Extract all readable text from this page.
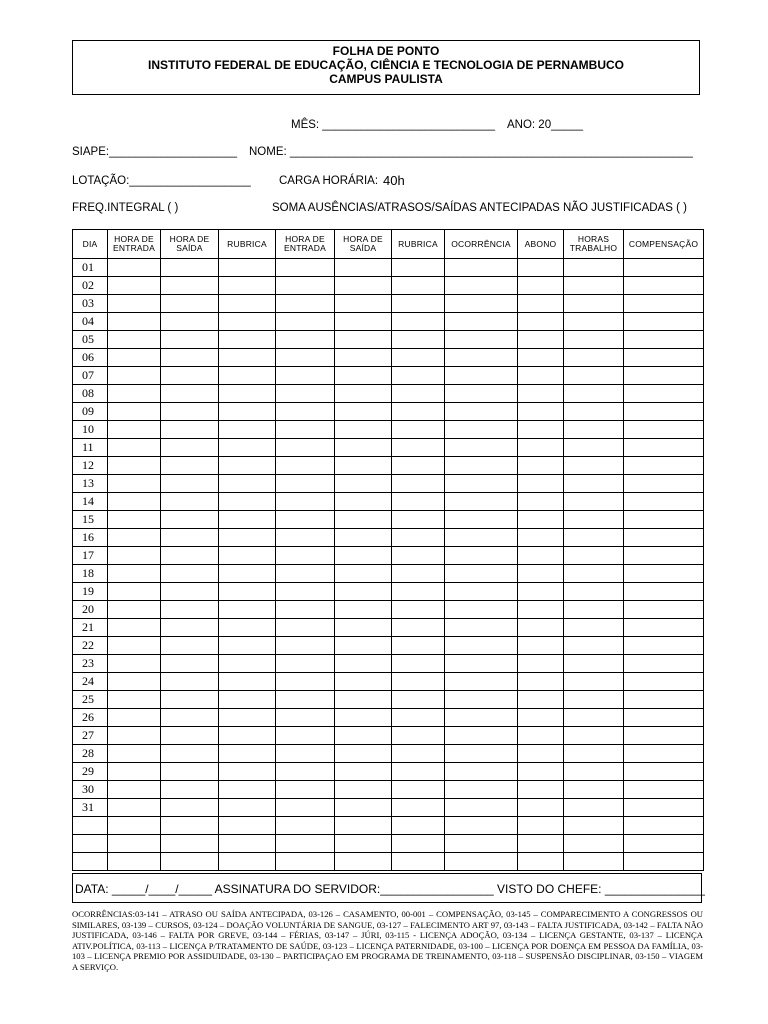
FOLHA DE PONTO
INSTITUTO FEDERAL DE EDUCAÇÃO, CIÊNCIA E TECNOLOGIA DE PERNAMBUCO
CAMPUS PAULISTA
MÊS: ___________________________ ANO: 20_____
SIAPE:____________________ NOME: _______________________________________________________________
LOTAÇÃO:___________________ CARGA HORÁRIA: 40h
FREQ.INTEGRAL ( )	SOMA AUSÊNCIAS/ATRASOS/SAÍDAS ANTECIPADAS NÃO JUSTIFICADAS ( )
DIA	HORA DE ENTRADA	HORA DE SAÍDA	RUBRICA	HORA DE ENTRADA	HORA DE SAÍDA	RUBRICA	OCORRÊNCIA	ABONO	HORAS TRABALHO	COMPENSAÇÃO
01										
02										
03										
04										
05										
06										
07										
08										
09										
10										
11										
12										
13										
14										
15										
16										
17										
18										
19										
20										
21										
22										
23										
24										
25										
26										
27										
28										
29										
30										
31										

DATA: _____/____/_____ ASSINATURA DO SERVIDOR:_________________ VISTO DO CHEFE: _______________
OCORRÊNCIAS:03-141 – ATRASO OU SAÍDA ANTECIPADA, 03-126 – CASAMENTO, 00-001 – COMPENSAÇÃO, 03-145 – COMPARECIMENTO A CONGRESSOS OU SIMILARES, 03-139 – CURSOS, 03-124 – DOAÇÃO VOLUNTÁRIA DE SANGUE, 03-127 – FALECIMENTO ART 97, 03-143 – FALTA JUSTIFICADA, 03-142 – FALTA NÃO JUSTIFICADA, 03-146 – FALTA POR GREVE, 03-144 – FÉRIAS, 03-147 – JÚRI, 03-115 - LICENÇA ADOÇÃO, 03-134 – LICENÇA GESTANTE, 03-137 – LICENÇA ATIV.POLÍTICA, 03-113 – LICENÇA P/TRATAMENTO DE SAÚDE, 03-123 – LICENÇA PATERNIDADE, 03-100 – LICENÇA POR DOENÇA EM PESSOA DA FAMÍLIA, 03-103 – LICENÇA PREMIO POR ASSIDUIDADE, 03-130 – PARTICIPAÇAO EM PROGRAMA DE TREINAMENTO, 03-118 – SUSPENSÃO DISCIPLINAR, 03-150 – VIAGEM A SERVIÇO.
